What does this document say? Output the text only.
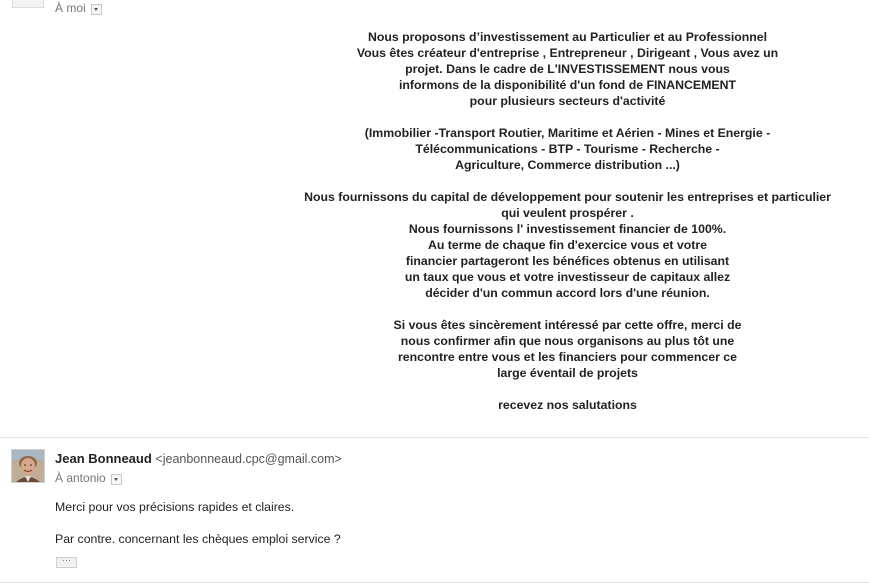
À moi
Nous proposons d’investissement au Particulier et au Professionnel
Vous êtes créateur d'entreprise , Entrepreneur , Dirigeant , Vous avez un
projet. Dans le cadre de L'INVESTISSEMENT nous vous
informons de la disponibilité d'un fond de FINANCEMENT
pour plusieurs secteurs d'activité
(Immobilier -Transport Routier, Maritime et Aérien - Mines et Energie -
Télécommunications - BTP - Tourisme - Recherche -
Agriculture, Commerce distribution ...)
Nous fournissons du capital de développement pour soutenir les entreprises et particulier
qui veulent prospérer .
Nous fournissons l' investissement financier de 100%.
Au terme de chaque fin d'exercice vous et votre
financier partageront les bénéfices obtenus en utilisant
un taux que vous et votre investisseur de capitaux allez
décider d'un commun accord lors d'une réunion.
Si vous êtes sincèrement intéressé par cette offre, merci de
nous confirmer afin que nous organisons au plus tôt une
rencontre entre vous et les financiers pour commencer ce
large éventail de projets
recevez nos salutations
Jean Bonneaud <jeanbonneaud.cpc@gmail.com>
À antonio
Merci pour vos précisions rapides et claires.
Par contre. concernant les chèques emploi service ?
···
